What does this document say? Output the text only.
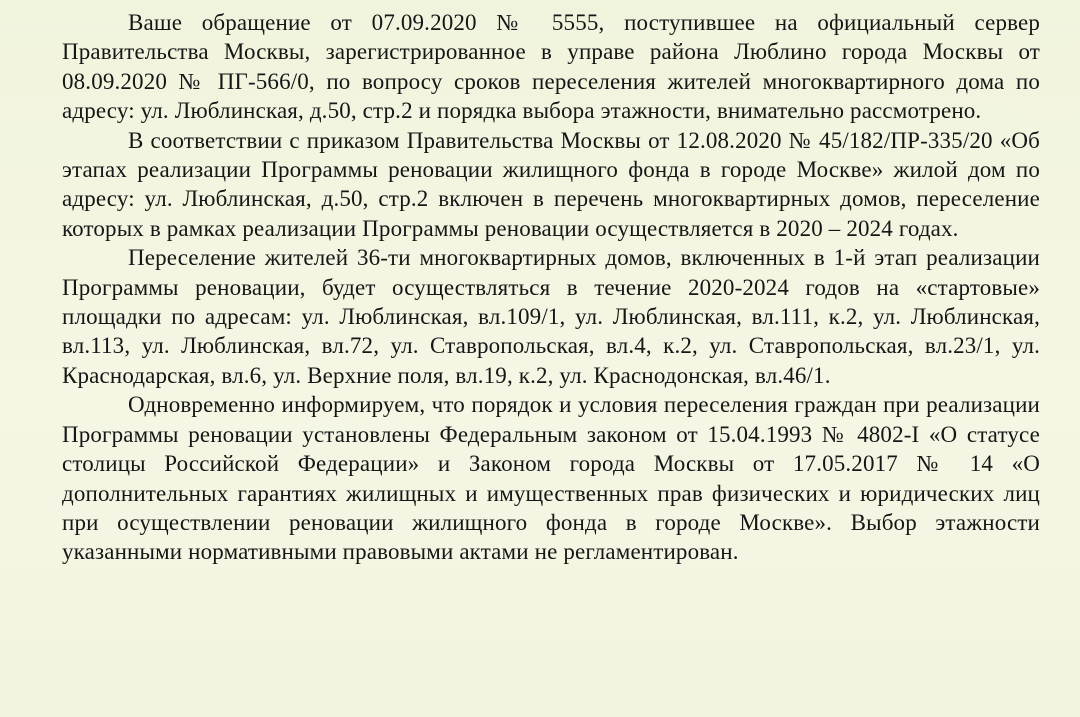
Ваше обращение от 07.09.2020 № 5555, поступившее на официальный сервер Правительства Москвы, зарегистрированное в управе района Люблино города Москвы от 08.09.2020 № ПГ-566/0, по вопросу сроков переселения жителей многоквартирного дома по адресу: ул. Люблинская, д.50, стр.2 и порядка выбора этажности, внимательно рассмотрено.

В соответствии с приказом Правительства Москвы от 12.08.2020 № 45/182/ПР-335/20 «Об этапах реализации Программы реновации жилищного фонда в городе Москве» жилой дом по адресу: ул. Люблинская, д.50, стр.2 включен в перечень многоквартирных домов, переселение которых в рамках реализации Программы реновации осуществляется в 2020 – 2024 годах.

Переселение жителей 36-ти многоквартирных домов, включенных в 1-й этап реализации Программы реновации, будет осуществляться в течение 2020-2024 годов на «стартовые» площадки по адресам: ул. Люблинская, вл.109/1, ул. Люблинская, вл.111, к.2, ул. Люблинская, вл.113, ул. Люблинская, вл.72, ул. Ставропольская, вл.4, к.2, ул. Ставропольская, вл.23/1, ул. Краснодарская, вл.6, ул. Верхние поля, вл.19, к.2, ул. Краснодонская, вл.46/1.

Одновременно информируем, что порядок и условия переселения граждан при реализации Программы реновации установлены Федеральным законом от 15.04.1993 № 4802-I «О статусе столицы Российской Федерации» и Законом города Москвы от 17.05.2017 № 14 «О дополнительных гарантиях жилищных и имущественных прав физических и юридических лиц при осуществлении реновации жилищного фонда в городе Москве». Выбор этажности указанными нормативными правовыми актами не регламентирован.
